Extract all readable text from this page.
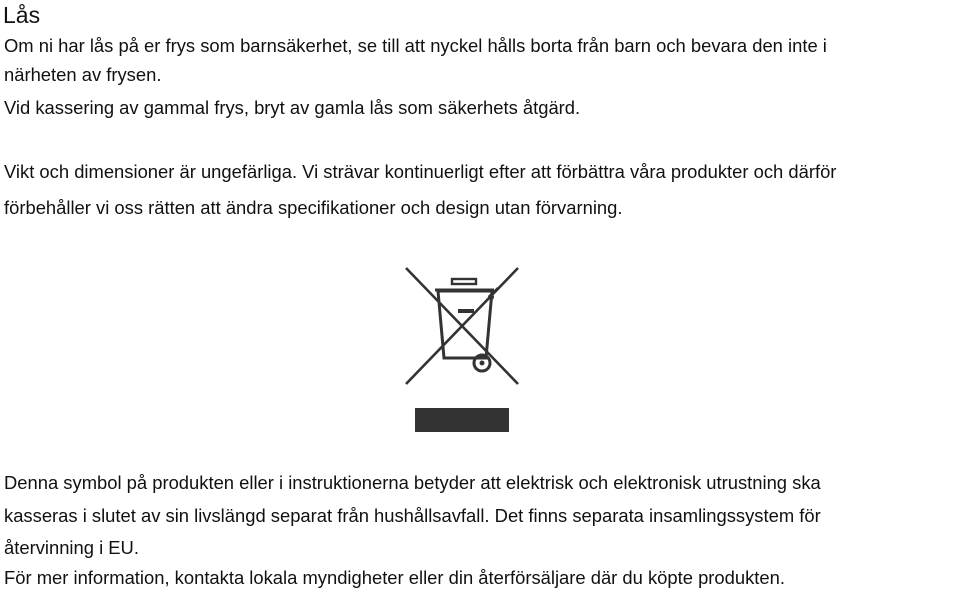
Lås
Om ni har lås på er frys som barnsäkerhet, se till att nyckel hålls borta från barn och bevara den inte i
närheten av frysen.
Vid kassering av gammal frys, bryt av gamla lås som säkerhets åtgärd.
Vikt och dimensioner är ungefärliga. Vi strävar kontinuerligt efter att förbättra våra produkter och därför
förbehåller vi oss rätten att ändra specifikationer och design utan förvarning.
Denna symbol på produkten eller i instruktionerna betyder att elektrisk och elektronisk utrustning ska
kasseras i slutet av sin livslängd separat från hushållsavfall. Det finns separata insamlingssystem för
återvinning i EU.
För mer information, kontakta lokala myndigheter eller din återförsäljare där du köpte produkten.
